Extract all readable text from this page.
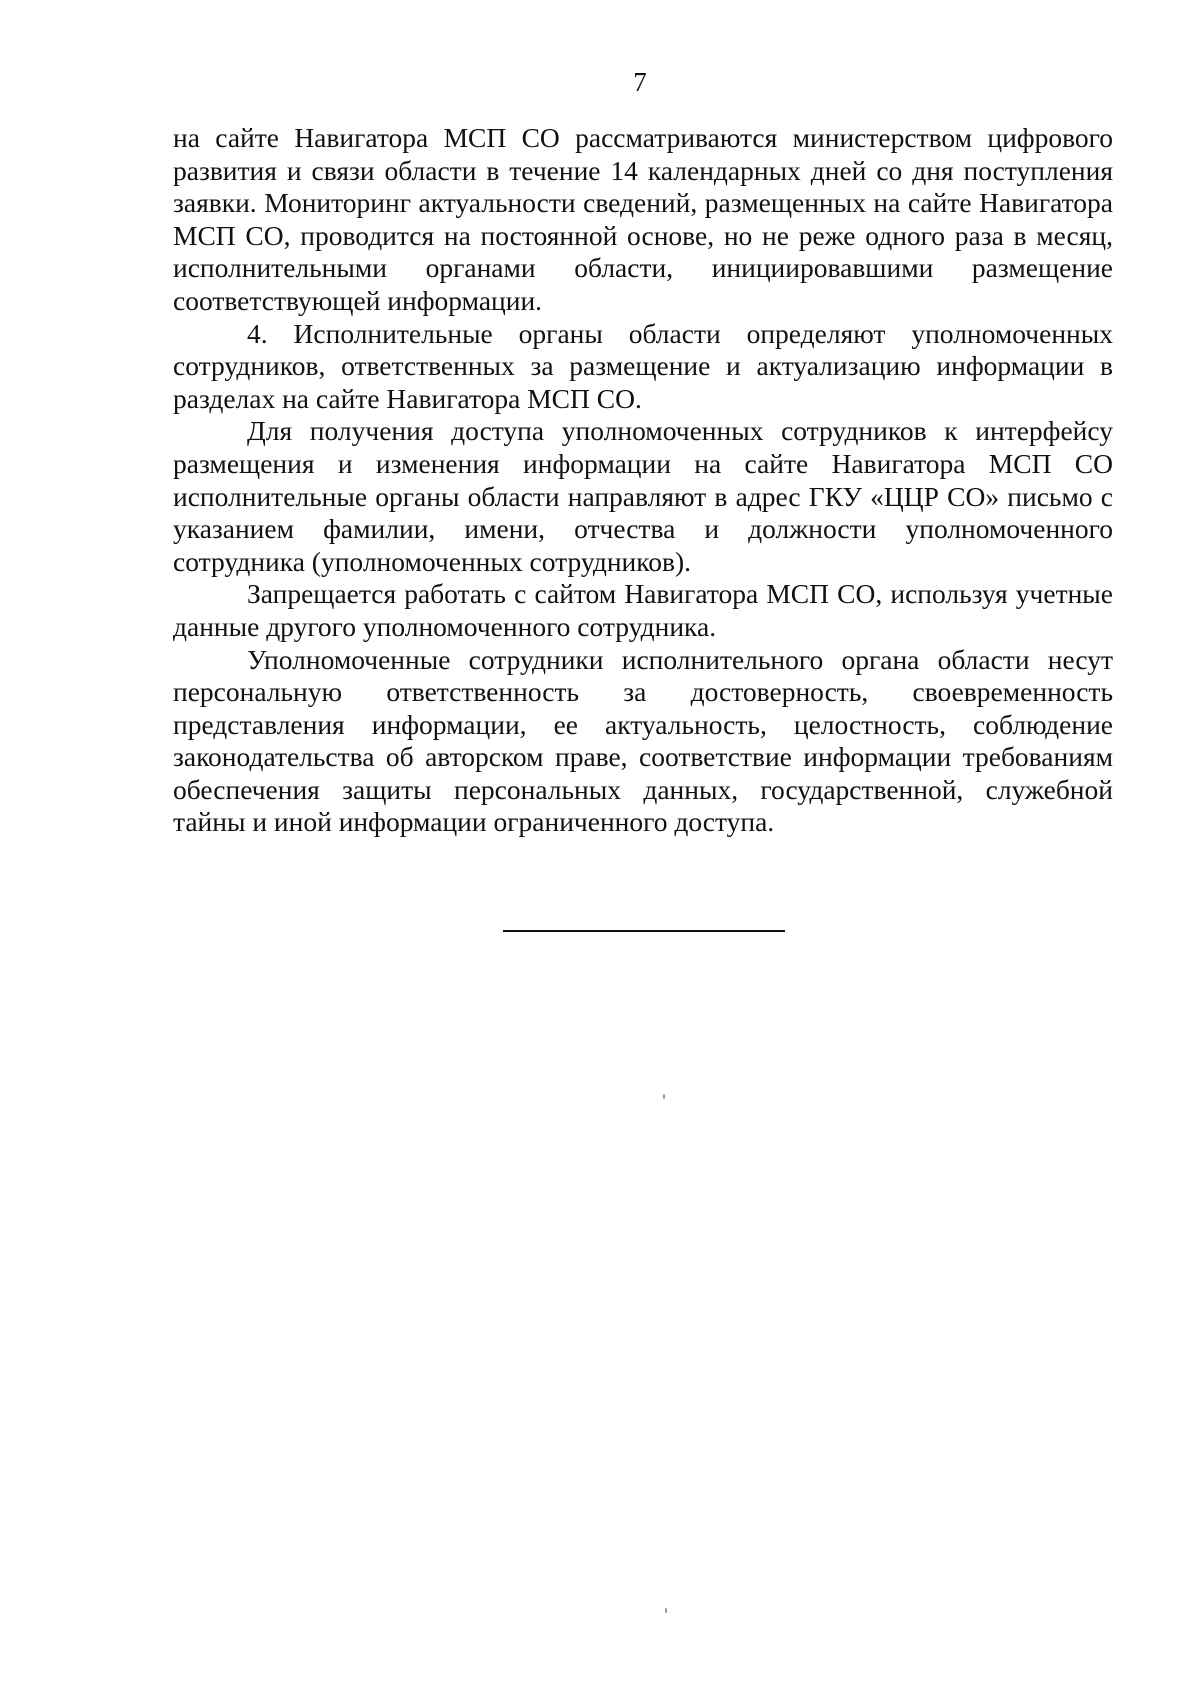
7

на сайте Навигатора МСП СО рассматриваются министерством цифрового развития и связи области в течение 14 календарных дней со дня поступления заявки. Мониторинг актуальности сведений, размещенных на сайте Навигатора МСП СО, проводится на постоянной основе, но не реже одного раза в месяц, исполнительными органами области, инициировавшими размещение соответствующей информации.

4. Исполнительные органы области определяют уполномоченных сотрудников, ответственных за размещение и актуализацию информации в разделах на сайте Навигатора МСП СО.

Для получения доступа уполномоченных сотрудников к интерфейсу размещения и изменения информации на сайте Навигатора МСП СО исполнительные органы области направляют в адрес ГКУ «ЦЦР СО» письмо с указанием фамилии, имени, отчества и должности уполномоченного сотрудника (уполномоченных сотрудников).

Запрещается работать с сайтом Навигатора МСП СО, используя учетные данные другого уполномоченного сотрудника.

Уполномоченные сотрудники исполнительного органа области несут персональную ответственность за достоверность, своевременность представления информации, ее актуальность, целостность, соблюдение законодательства об авторском праве, соответствие информации требованиям обеспечения защиты персональных данных, государственной, служебной тайны и иной информации ограниченного доступа.
